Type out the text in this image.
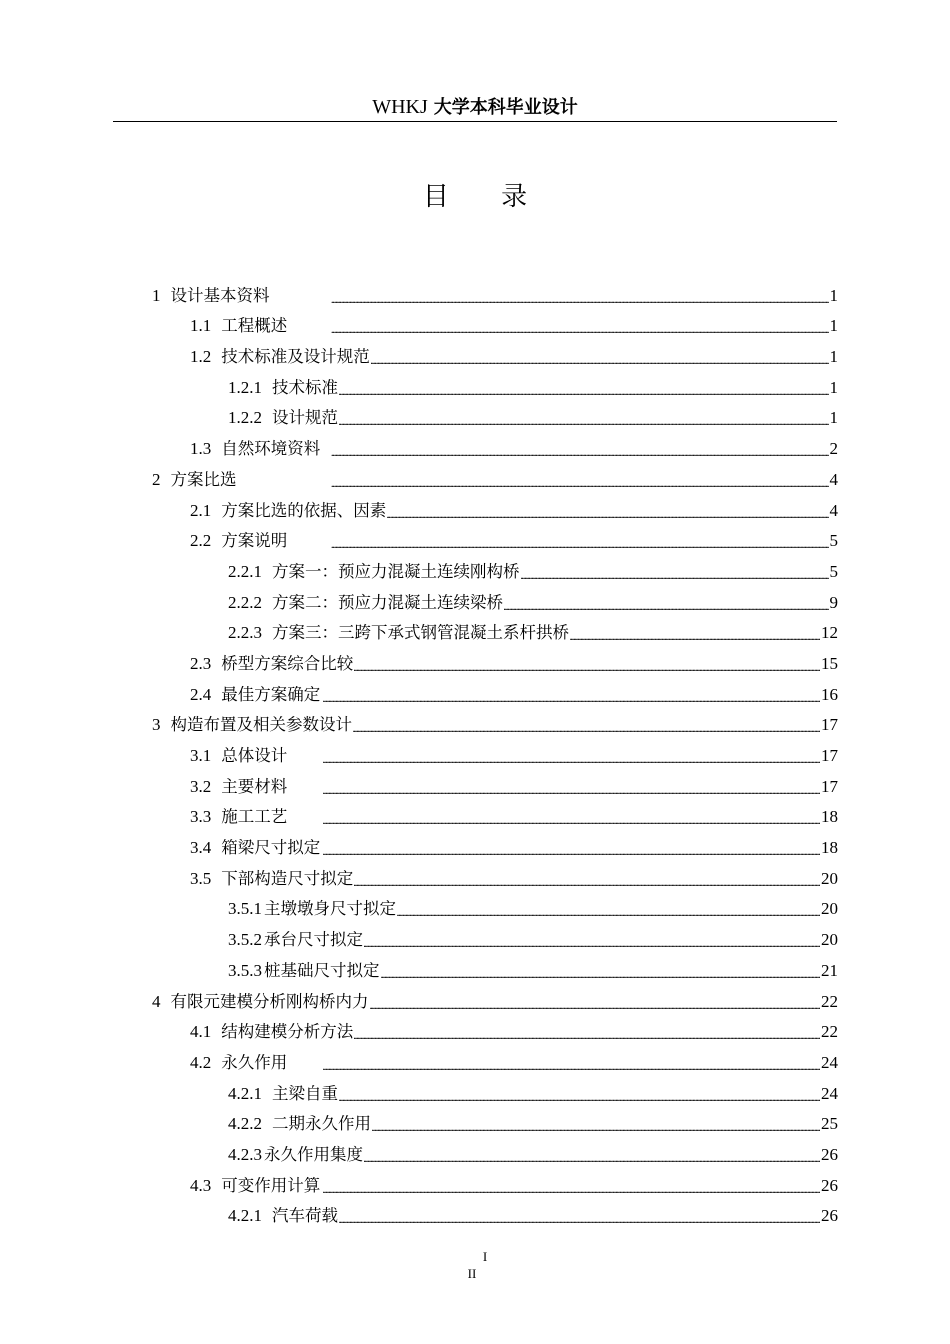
WHKJ 大学本科毕业设计
目 录
1 设计基本资料 . . .	1
1.1 工程概述 . . .	1
1.2 技术标准及设计规范 . . .	1
1.2.1 技术标准 . . .	1
1.2.2 设计规范 . . .	1
1.3 自然环境资料 . . .	2
2 方案比选 . . .	4
2.1 方案比选的依据、因素 . . .	4
2.2 方案说明 . . .	5
2.2.1 方案一：预应力混凝土连续刚构桥 . . .	5
2.2.2 方案二：预应力混凝土连续梁桥 . . .	9
2.2.3 方案三：三跨下承式钢管混凝土系杆拱桥 . . .	12
2.3 桥型方案综合比较 . . .	15
2.4 最佳方案确定 . . .	16
3 构造布置及相关参数设计 . . .	17
3.1 总体设计 . . .	17
3.2 主要材料 . . .	17
3.3 施工工艺 . . .	18
3.4 箱梁尺寸拟定 . . .	18
3.5 下部构造尺寸拟定 . . .	20
3.5.1 主墩墩身尺寸拟定 . . .	20
3.5.2 承台尺寸拟定 . . .	20
3.5.3 桩基础尺寸拟定 . . .	21
4 有限元建模分析刚构桥内力 . . .	22
4.1 结构建模分析方法 . . .	22
4.2 永久作用 . . .	24
4.2.1 主梁自重 . . .	24
4.2.2 二期永久作用 . . .	25
4.2.3 永久作用集度 . . .	26
4.3 可变作用计算 . . .	26
4.2.1 汽车荷载 . . .	26
I
II
